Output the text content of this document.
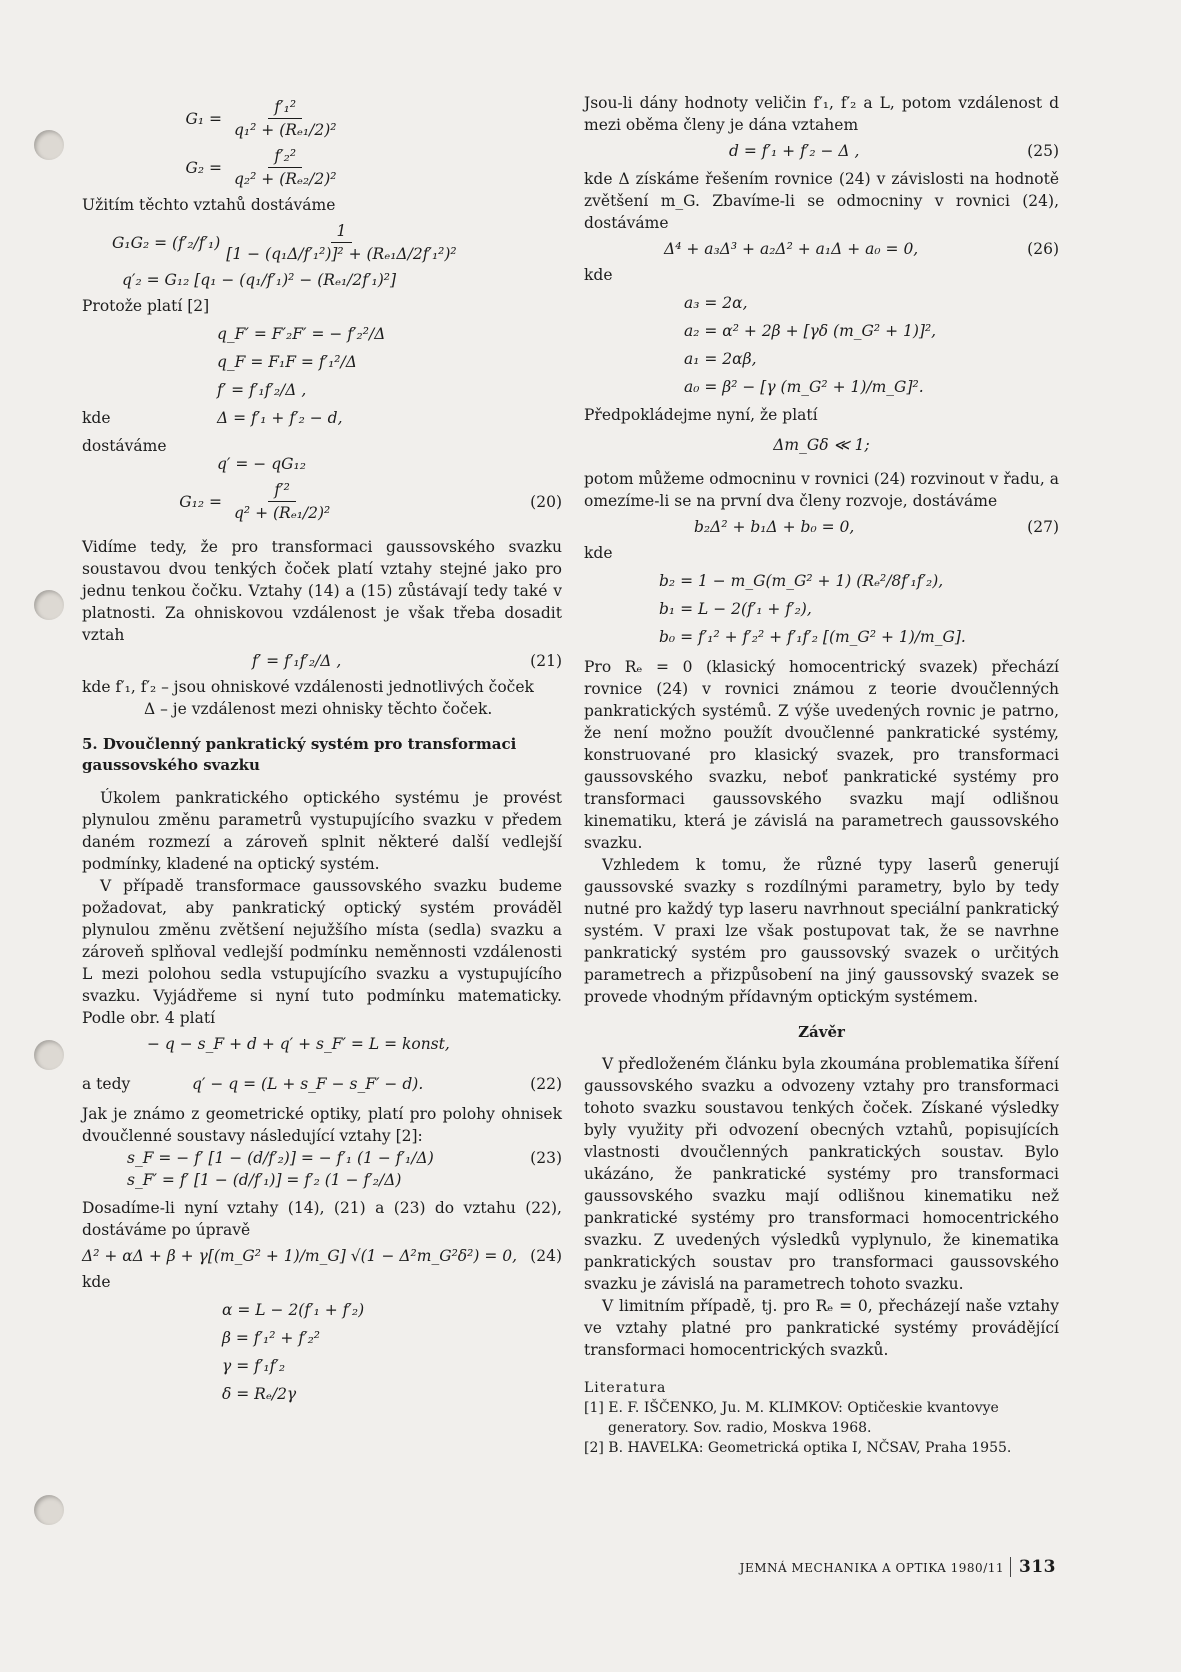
$G_1 = \frac{\text{f′₁²}}{\text{q₁² + (Rₑ₁/2)²}}$
$G_2 = \frac{\text{f′₂²}}{\text{q₂² + (Rₑ₂/2)²}}$

Užitím těchto vztahů dostáváme

$G_1G_2 = (f'_2/f'_1) \frac{1}{\text{[1 − (q₁Δ/f′₁²)]² + (Rₑ₁Δ/2f′₁²)²}}$
q′₂ = G₁₂ [q₁ − (q₁/f′₁)² − (Rₑ₁/2f′₁)²]

Protože platí [2]

q_F′ = F′₂F′ = − f′₂²/Δ
q_F = F₁F = f′₁²/Δ
f′ = f′₁f′₂/Δ ,
kde	Δ = f′₁ + f′₂ − d,
dostáváme
q′ = − qG₁₂
$G_{12} = \frac{\text{f′²}}{\text{q² + (Rₑ₁/2)²}}$	(20)

Vidíme tedy, že pro transformaci gaussovského svazku soustavou dvou tenkých čoček platí vztahy stejné jako pro jednu tenkou čočku. Vztahy (14) a (15) zůstávají tedy také v platnosti. Za ohniskovou vzdálenost je však třeba dosadit vztah

f′ = f′₁f′₂/Δ ,	(21)

kde f′₁, f′₂ – jsou ohniskové vzdálenosti jednotlivých čoček

Δ – je vzdálenost mezi ohnisky těchto čoček.

5. Dvoučlenný pankratický systém pro transformaci gaussovského svazku

Úkolem pankratického optického systému je provést plynulou změnu parametrů vystupujícího svazku v předem daném rozmezí a zároveň splnit některé další vedlejší podmínky, kladené na optický systém.

V případě transformace gaussovského svazku budeme požadovat, aby pankratický optický systém prováděl plynulou změnu zvětšení nejužšího místa (sedla) svazku a zároveň splňoval vedlejší podmínku neměnnosti vzdálenosti L mezi polohou sedla vstupujícího svazku a vystupujícího svazku. Vyjádřeme si nyní tuto podmínku matematicky. Podle obr. 4 platí

− q − s_F + d + q′ + s_F′ = L = konst,
a tedy	q′ − q = (L + s_F − s_F′ − d).	(22)

Jak je známo z geometrické optiky, platí pro polohy ohnisek dvoučlenné soustavy následující vztahy [2]:

s_F = − f′ [1 − (d/f′₂)] = − f′₁ (1 − f′₁/Δ)
s_F′ = f′ [1 − (d/f′₁)] = f′₂ (1 − f′₂/Δ)
(23)

Dosadíme-li nyní vztahy (14), (21) a (23) do vztahu (22), dostáváme po úpravě

Δ² + αΔ + β + γ[(m_G² + 1)/m_G] √(1 − Δ²m_G²δ²) = 0, (24)

kde

α = L − 2(f′₁ + f′₂)
β = f′₁² + f′₂²
γ = f′₁f′₂
δ = Rₑ/2γ

Jsou-li dány hodnoty veličin f′₁, f′₂ a L, potom vzdálenost d mezi oběma členy je dána vztahem

d = f′₁ + f′₂ − Δ ,	(25)

kde Δ získáme řešením rovnice (24) v závislosti na hodnotě zvětšení m_G. Zbavíme-li se odmocniny v rovnici (24), dostáváme

Δ⁴ + a₃Δ³ + a₂Δ² + a₁Δ + a₀ = 0,	(26)

kde

a₃ = 2α,
a₂ = α² + 2β + [γδ (m_G² + 1)]²,
a₁ = 2αβ,
a₀ = β² − [γ (m_G² + 1)/m_G]².

Předpokládejme nyní, že platí

Δm_Gδ ≪ 1;

potom můžeme odmocninu v rovnici (24) rozvinout v řadu, a omezíme-li se na první dva členy rozvoje, dostáváme

b₂Δ² + b₁Δ + b₀ = 0,	(27)

kde

b₂ = 1 − m_G(m_G² + 1) (Rₑ²/8f′₁f′₂),
b₁ = L − 2(f′₁ + f′₂),
b₀ = f′₁² + f′₂² + f′₁f′₂ [(m_G² + 1)/m_G].

Pro Rₑ = 0 (klasický homocentrický svazek) přechází rovnice (24) v rovnici známou z teorie dvoučlenných pankratických systémů. Z výše uvedených rovnic je patrno, že není možno použít dvoučlenné pankratické systémy, konstruované pro klasický svazek, pro transformaci gaussovského svazku, neboť pankratické systémy pro transformaci gaussovského svazku mají odlišnou kinematiku, která je závislá na parametrech gaussovského svazku.

Vzhledem k tomu, že různé typy laserů generují gaussovské svazky s rozdílnými parametry, bylo by tedy nutné pro každý typ laseru navrhnout speciální pankratický systém. V praxi lze však postupovat tak, že se navrhne pankratický systém pro gaussovský svazek o určitých parametrech a přizpůsobení na jiný gaussovský svazek se provede vhodným přídavným optickým systémem.

Závěr

V předloženém článku byla zkoumána problematika šíření gaussovského svazku a odvozeny vztahy pro transformaci tohoto svazku soustavou tenkých čoček. Získané výsledky byly využity při odvození obecných vztahů, popisujících vlastnosti dvoučlenných pankratických soustav. Bylo ukázáno, že pankratické systémy pro transformaci gaussovského svazku mají odlišnou kinematiku než pankratické systémy pro transformaci homocentrického svazku. Z uvedených výsledků vyplynulo, že kinematika pankratických soustav pro transformaci gaussovského svazku je závislá na parametrech tohoto svazku.

V limitním případě, tj. pro Rₑ = 0, přecházejí naše vztahy ve vztahy platné pro pankratické systémy provádějící transformaci homocentrických svazků.

Literatura
[1] E. F. IŠČENKO, Ju. M. KLIMKOV: Optičeskie kvantovye generatory. Sov. radio, Moskva 1968.
[2] B. HAVELKA: Geometrická optika I, NČSAV, Praha 1955.
JEMNÁ MECHANIKA A OPTIKA 1980/11 313
